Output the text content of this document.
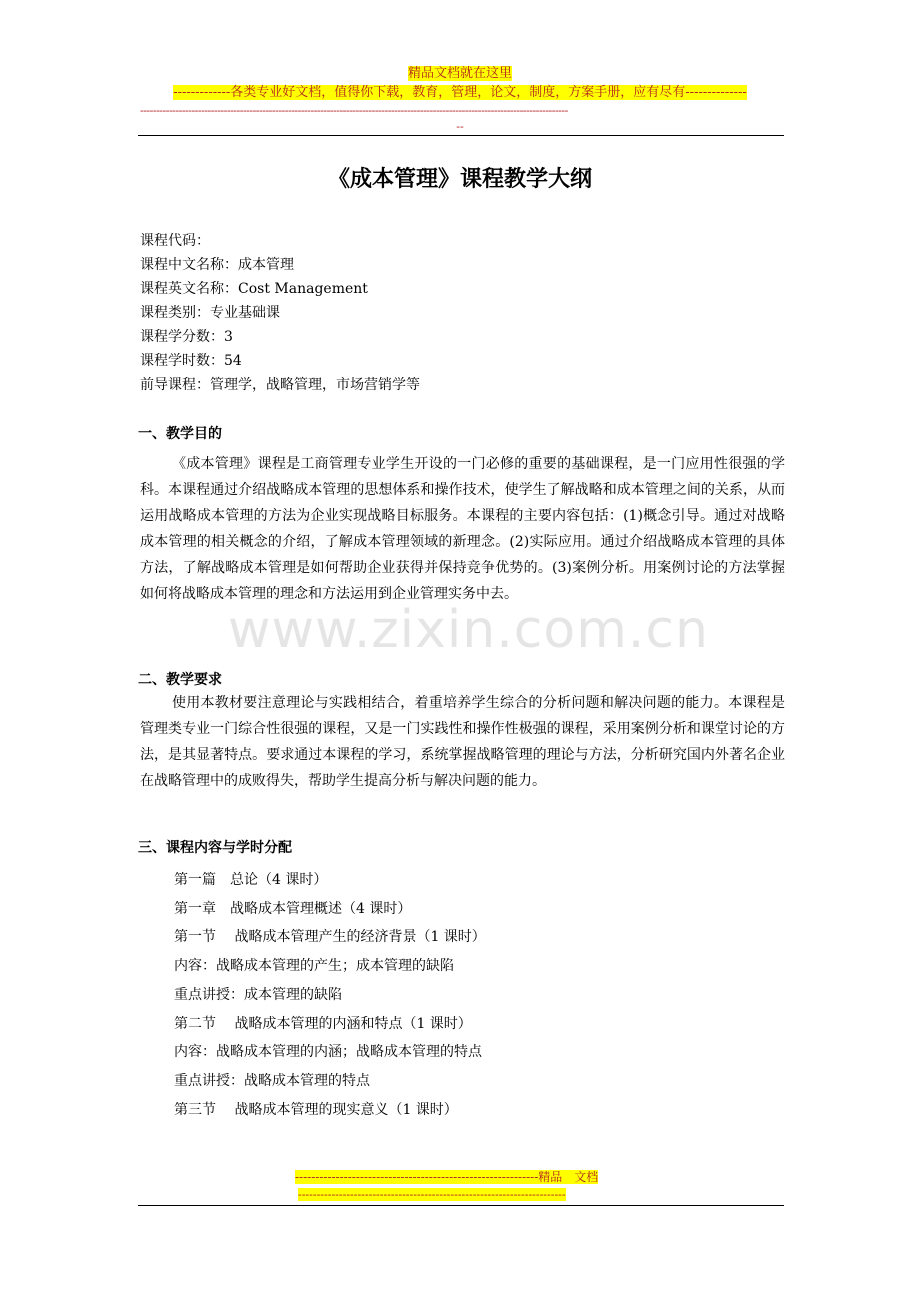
精品文档就在这里
-------------各类专业好文档，值得你下载，教育，管理，论文，制度，方案手册，应有尽有--------------
-------------------------------------------------------------------------------------------------------------------------------------
--
www.zixin.com.cn
《成本管理》课程教学大纲
课程代码：
课程中文名称：成本管理
课程英文名称：Cost Management
课程类别：专业基础课
课程学分数：3
课程学时数：54
前导课程：管理学，战略管理，市场营销学等
一、教学目的
《成本管理》课程是工商管理专业学生开设的一门必修的重要的基础课程，是一门应用性很强的学科。本课程通过介绍战略成本管理的思想体系和操作技术，使学生了解战略和成本管理之间的关系，从而运用战略成本管理的方法为企业实现战略目标服务。本课程的主要内容包括：(1)概念引导。通过对战略成本管理的相关概念的介绍，了解成本管理领域的新理念。(2)实际应用。通过介绍战略成本管理的具体方法，了解战略成本管理是如何帮助企业获得并保持竞争优势的。(3)案例分析。用案例讨论的方法掌握如何将战略成本管理的理念和方法运用到企业管理实务中去。
二、教学要求
使用本教材要注意理论与实践相结合，着重培养学生综合的分析问题和解决问题的能力。本课程是管理类专业一门综合性很强的课程，又是一门实践性和操作性极强的课程，采用案例分析和课堂讨论的方法，是其显著特点。要求通过本课程的学习，系统掌握战略管理的理论与方法，分析研究国内外著名企业在战略管理中的成败得失，帮助学生提高分析与解决问题的能力。
三、课程内容与学时分配
第一篇　总论（4 课时）
第一章　战略成本管理概述（4 课时）
第一节　 战略成本管理产生的经济背景（1 课时）
内容：战略成本管理的产生；成本管理的缺陷
重点讲授：成本管理的缺陷
第二节　 战略成本管理的内涵和特点（1 课时）
内容：战略成本管理的内涵；战略成本管理的特点
重点讲授：战略成本管理的特点
第三节　 战略成本管理的现实意义（1 课时）
------------------------------------------------------------精品　文档
------------------------------------------------------------------------
